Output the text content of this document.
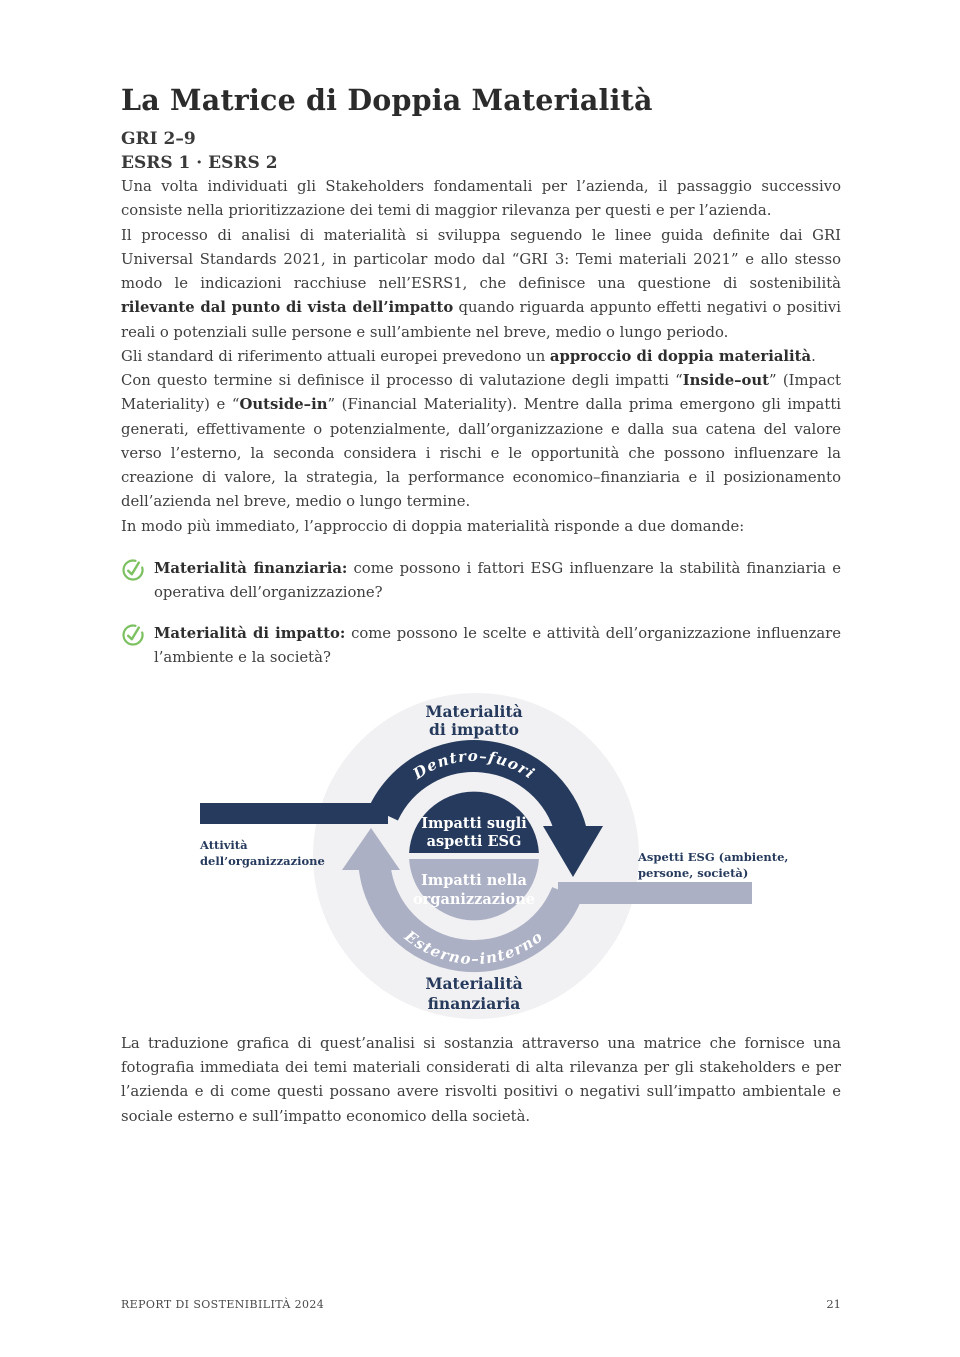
La Matrice di Doppia Materialità
GRI 2–9
ESRS 1 · ESRS 2

Una volta individuati gli Stakeholders fondamentali per l’azienda, il passaggio successivo consiste nella prioritizzazione dei temi di maggior rilevanza per questi e per l’azienda.

Il processo di analisi di materialità si sviluppa seguendo le linee guida definite dai GRI Universal Standards 2021, in particolar modo dal “GRI 3: Temi materiali 2021” e allo stesso modo le indicazioni racchiuse nell’ESRS1, che definisce una questione di sostenibilità rilevante dal punto di vista dell’impatto quando riguarda appunto effetti negativi o positivi reali o potenziali sulle persone e sull’ambiente nel breve, medio o lungo periodo.

Gli standard di riferimento attuali europei prevedono un approccio di doppia materialità.

Con questo termine si definisce il processo di valutazione degli impatti “Inside–out” (Impact Materiality) e “Outside–in” (Financial Materiality). Mentre dalla prima emergono gli impatti generati, effettivamente o potenzialmente, dall’organizzazione e dalla sua catena del valore verso l’esterno, la seconda considera i rischi e le opportunità che possono influenzare la creazione di valore, la strategia, la performance economico–finanziaria e il posizionamento dell’azienda nel breve, medio o lungo termine.

In modo più immediato, l’approccio di doppia materialità risponde a due domande:

Materialità finanziaria: come possono i fattori ESG influenzare la stabilità finanziaria e operativa dell’organizzazione?
Materialità di impatto: come possono le scelte e attività dell’organizzazione influenzare l’ambiente e la società?
Materialità
di impatto
Impatti sugli
aspetti ESG
Impatti nella
organizzazione
Dentro–fuori
Esterno–interno
Attività
dell’organizzazione	Aspetti ESG (ambiente,
persone, società)
Materialità
finanziaria

La traduzione grafica di quest’analisi si sostanzia attraverso una matrice che fornisce una fotografia immediata dei temi materiali considerati di alta rilevanza per gli stakeholders e per l’azienda e di come questi possano avere risvolti positivi o negativi sull’impatto ambientale e sociale esterno e sull’impatto economico della società.

REPORT DI SOSTENIBILITÀ 2024	21
